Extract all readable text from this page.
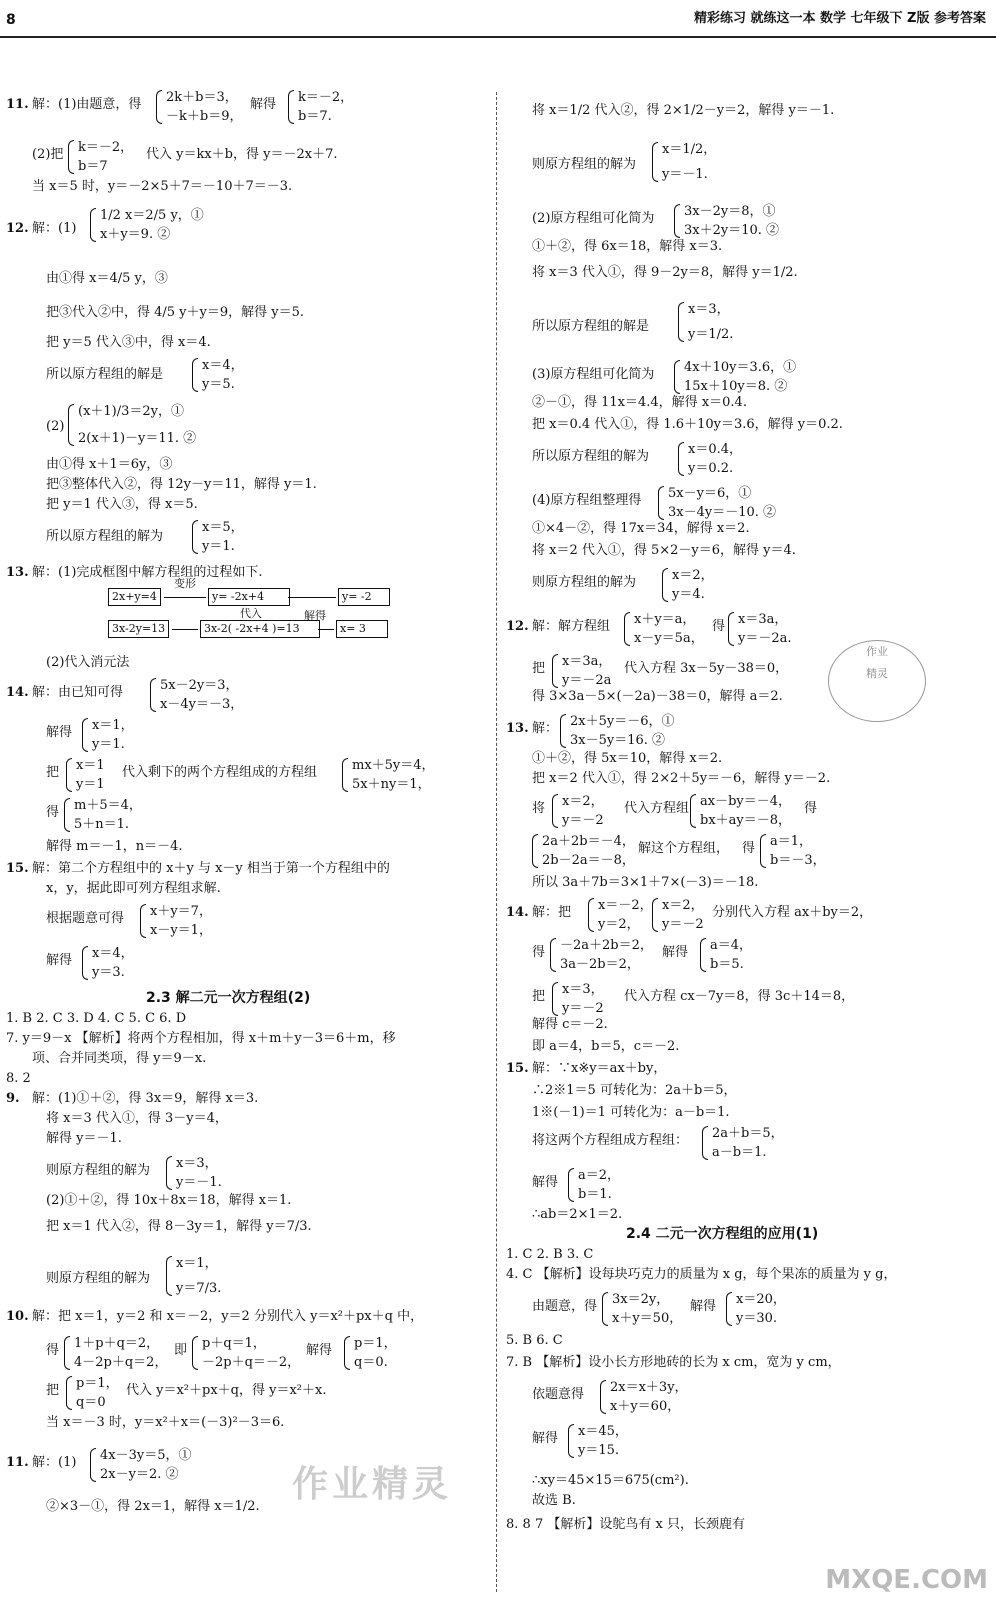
8	精彩练习 就练这一本 数学 七年级下 Z版 参考答案
11. 解：(1)由题意，得 2k＋b＝3，
－k＋b＝9，
解得 k＝－2，
b＝7.
(2)把 k＝－2，
b＝7
代入 y＝kx＋b，得 y＝－2x＋7.
当 x＝5 时，y＝－2×5＋7＝－10＋7＝－3.
12. 解：(1)
1/2 x＝2/5 y，①
x＋y＝9. ②
由①得 x＝4/5 y，③
把③代入②中，得 4/5 y＋y＝9，解得 y＝5.
把 y＝5 代入③中，得 x＝4.
所以原方程组的解是
x＝4，
y＝5.
(2)
(x＋1)/3＝2y，①
2(x＋1)－y＝11. ②
由①得 x＋1＝6y，③
把③整体代入②，得 12y－y＝11，解得 y＝1.
把 y＝1 代入③，得 x＝5.
所以原方程组的解为
x＝5，
y＝1.
13. 解：(1)完成框图中解方程组的过程如下.
2x+y=4
变形
y= -2x+4	y= -2
代入
3x-2y=13	3x-2( -2x+4 )=13
解得
x= 3
(2)代入消元法
14. 解：由已知可得	5x－2y＝3，
x－4y＝－3，
解得 x＝1，
y＝1.
把 x＝1
y＝1
代入剩下的两个方程组成的方程组	mx＋5y＝4，
5x＋ny＝1，
得 m＋5＝4，
5＋n＝1.
解得 m＝－1，n＝－4.
15. 解：第二个方程组中的 x＋y 与 x－y 相当于第一个方程组中的
x，y，据此即可列方程组求解.
根据题意可得 x＋y＝7，
x－y＝1，
解得 x＝4，
y＝3.
2.3 解二元一次方程组(2)
1. B 2. C 3. D 4. C 5. C 6. D
7. y＝9－x 【解析】将两个方程相加，得 x＋m＋y－3＝6＋m，移
项、合并同类项，得 y＝9－x.
8. 2
9. 解：(1)①＋②，得 3x＝9，解得 x＝3.
将 x＝3 代入①，得 3－y＝4，
解得 y＝－1.
则原方程组的解为 x＝3，
y＝－1.
(2)①＋②，得 10x＋8x＝18，解得 x＝1.
把 x＝1 代入②，得 8－3y＝1，解得 y＝7/3.
则原方程组的解为
x＝1，
y＝7/3.
10. 解：把 x＝1，y＝2 和 x＝－2，y＝2 分别代入 y＝x²＋px＋q 中，
得 1＋p＋q＝2，
4－2p＋q＝2，
即 p＋q＝1，
－2p＋q＝－2，
解得 p＝1，
q＝0.
把 p＝1，
q＝0
代入 y＝x²＋px＋q，得 y＝x²＋x.
当 x＝－3 时，y＝x²＋x＝(－3)²－3＝6.
11. 解：(1) 4x－3y＝5，①
2x－y＝2. ②
②×3－①，得 2x＝1，解得 x＝1/2.
作业精灵
将 x＝1/2 代入②，得 2×1/2－y＝2，解得 y＝－1.
则原方程组的解为
x＝1/2，
y＝－1.
(2)原方程组可化简为 3x－2y＝8，①
3x＋2y＝10. ②
①＋②，得 6x＝18，解得 x＝3.
将 x＝3 代入①，得 9－2y＝8，解得 y＝1/2.
所以原方程组的解是
x＝3，
y＝1/2.
(3)原方程组可化简为 4x＋10y＝3.6，①
15x＋10y＝8. ②
②－①，得 11x＝4.4，解得 x＝0.4.
把 x＝0.4 代入①，得 1.6＋10y＝3.6，解得 y＝0.2.
所以原方程组的解为	x＝0.4，
y＝0.2.
(4)原方程组整理得 5x－y＝6，①
3x－4y＝－10. ②
①×4－②，得 17x＝34，解得 x＝2.
将 x＝2 代入①，得 5×2－y＝6，解得 y＝4.
则原方程组的解为	x＝2，
y＝4.
12. 解：解方程组 x＋y＝a，
x－y＝5a，
得 x＝3a，
y＝－2a.
把 x＝3a，
y＝－2a
代入方程 3x－5y－38＝0，
得 3×3a－5×(－2a)－38＝0，解得 a＝2.
13. 解： 2x＋5y＝－6，①
3x－5y＝16. ②
①＋②，得 5x＝10，解得 x＝2.
把 x＝2 代入①，得 2×2＋5y＝－6，解得 y＝－2.
将 x＝2，
y＝－2
代入方程组 ax－by＝－4，
bx＋ay＝－8，
得
2a＋2b＝－4，
2b－2a＝－8，
解这个方程组， 得 a＝1，
b＝－3，
所以 3a＋7b＝3×1＋7×(－3)＝－18.
14. 解：把 x＝－2，
y＝2，
x＝2，
y＝－2
分别代入方程 ax＋by＝2，
得 －2a＋2b＝2，
3a－2b＝2，
解得 a＝4，
b＝5.
把 x＝3，
y＝－2
代入方程 cx－7y＝8，得 3c＋14＝8，
解得 c＝－2.
即 a＝4，b＝5，c＝－2.
15. 解：∵x※y＝ax＋by，
∴2※1＝5 可转化为：2a＋b＝5，
1※(－1)＝1 可转化为：a－b＝1.
将这两个方程组成方程组： 2a＋b＝5，
a－b＝1.
解得 a＝2，
b＝1.
∴ab＝2×1＝2.
2.4 二元一次方程组的应用(1)
1. C 2. B 3. C
4. C 【解析】设每块巧克力的质量为 x g，每个果冻的质量为 y g，
由题意，得 3x＝2y，
x＋y＝50，
解得 x＝20，
y＝30.
5. B 6. C
7. B 【解析】设小长方形地砖的长为 x cm，宽为 y cm，
依题意得 2x＝x＋3y，
x＋y＝60，
解得 x＝45，
y＝15.
∴xy＝45×15＝675(cm²).
故选 B.
8. 8 7 【解析】设鸵鸟有 x 只，长颈鹿有
作业
精灵
MXQE.COM
